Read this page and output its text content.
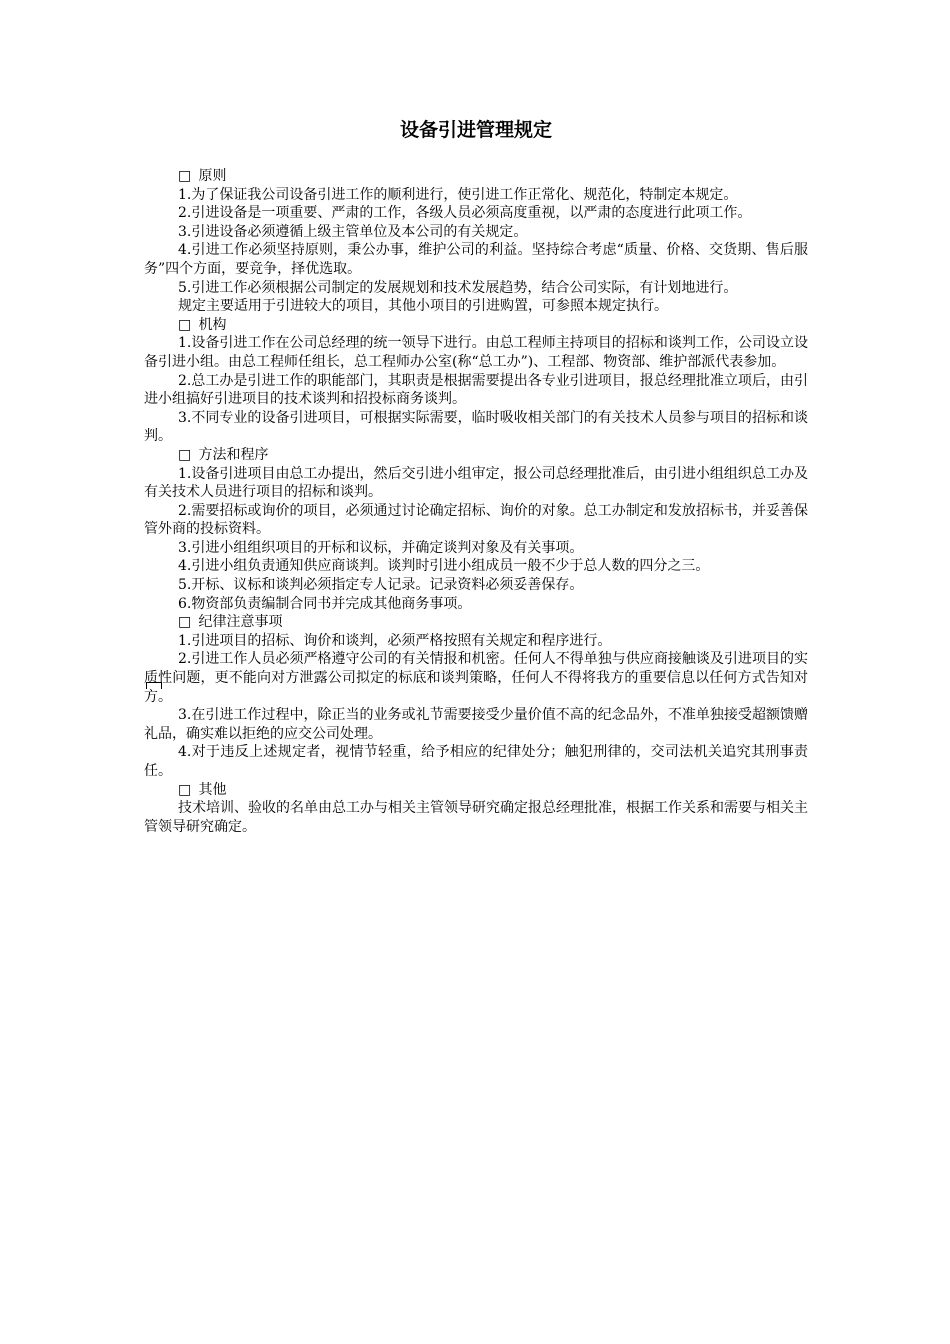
设备引进管理规定
□ 原则
1.为了保证我公司设备引进工作的顺利进行，使引进工作正常化、规范化，特制定本规定。
2.引进设备是一项重要、严肃的工作，各级人员必须高度重视，以严肃的态度进行此项工作。
3.引进设备必须遵循上级主管单位及本公司的有关规定。
4.引进工作必须坚持原则，秉公办事，维护公司的利益。坚持综合考虑“质量、价格、交货期、售后服务”四个方面，要竞争，择优选取。
5.引进工作必须根据公司制定的发展规划和技术发展趋势，结合公司实际，有计划地进行。
规定主要适用于引进较大的项目，其他小项目的引进购置，可参照本规定执行。
□ 机构
1.设备引进工作在公司总经理的统一领导下进行。由总工程师主持项目的招标和谈判工作，公司设立设备引进小组。由总工程师任组长，总工程师办公室(称“总工办”)、工程部、物资部、维护部派代表参加。
2.总工办是引进工作的职能部门，其职责是根据需要提出各专业引进项目，报总经理批准立项后，由引进小组搞好引进项目的技术谈判和招投标商务谈判。
3.不同专业的设备引进项目，可根据实际需要，临时吸收相关部门的有关技术人员参与项目的招标和谈判。
□ 方法和程序
1.设备引进项目由总工办提出，然后交引进小组审定，报公司总经理批准后，由引进小组组织总工办及有关技术人员进行项目的招标和谈判。
2.需要招标或询价的项目，必须通过讨论确定招标、询价的对象。总工办制定和发放招标书，并妥善保管外商的投标资料。
3.引进小组组织项目的开标和议标，并确定谈判对象及有关事项。
4.引进小组负责通知供应商谈判。谈判时引进小组成员一般不少于总人数的四分之三。
5.开标、议标和谈判必须指定专人记录。记录资料必须妥善保存。
6.物资部负责编制合同书并完成其他商务事项。
□ 纪律注意事项
1.引进项目的招标、询价和谈判，必须严格按照有关规定和程序进行。
2.引进工作人员必须严格遵守公司的有关情报和机密。任何人不得单独与供应商接触谈及引进项目的实质性问题，更不能向对方泄露公司拟定的标底和谈判策略，任何人不得将我方的重要信息以任何方式告知对方。
3.在引进工作过程中，除正当的业务或礼节需要接受少量价值不高的纪念品外，不准单独接受超额馈赠礼品，确实难以拒绝的应交公司处理。
4.对于违反上述规定者，视情节轻重，给予相应的纪律处分；触犯刑律的，交司法机关追究其刑事责任。
□ 其他
技术培训、验收的名单由总工办与相关主管领导研究确定报总经理批准，根据工作关系和需要与相关主管领导研究确定。
